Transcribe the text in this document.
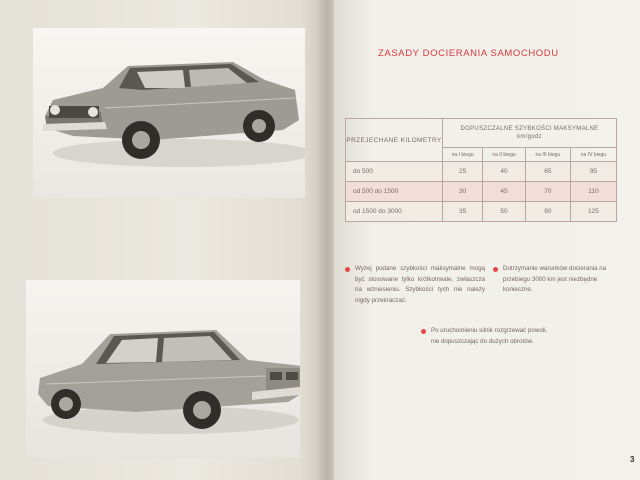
ZASADY DOCIERANIA SAMOCHODU
PRZEJECHANE KILOMETRY	DOPUSZCZALNE SZYBKOŚCI MAKSYMALNE
km/godz			
	na I biegu	na II biegu	na III biegu	na IV biegu
do 500	25	40	65	95
od 500 do 1500	30	45	70	110
od 1500 do 3000	35	50	80	125
Wyżej podane szybkości maksymalne mogą być stosowane tylko krótkotrwale, zwłaszcza na wzniesieniu. Szybkości tych nie należy nigdy przekraczać.
Dotrzymanie warunków docierania na przebiegu 3000 km jest niezbędne konieczne.
Po uruchomieniu silnik rozgrzewać powoli, nie dopuszczając do dużych obrotów.
3
